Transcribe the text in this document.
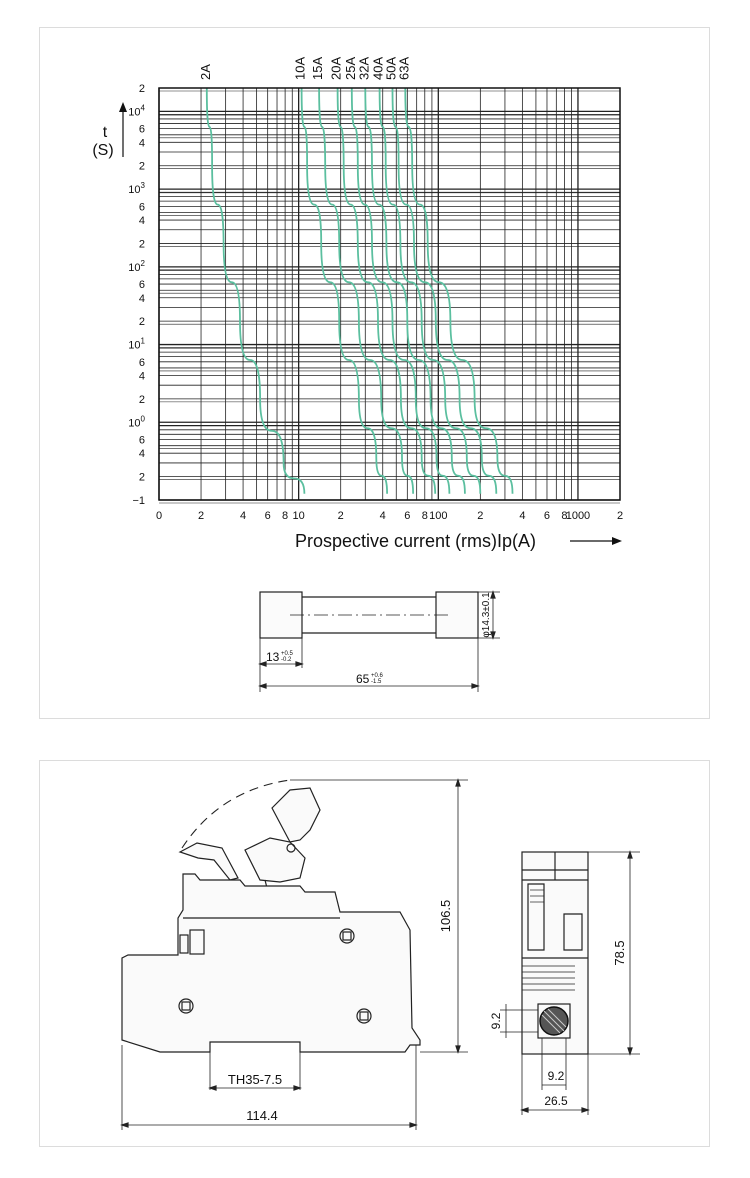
0	2	4 6 8 10	2	4 6 8 100	2	4 6 8
1000 2
2
$10^4$
6
4
2
$10^3$
6
4
2
$10^2$
6
4
2
$10^1$
6
4
2
$10^0$
6
4
2
−1
2A	10A 15A 20A 25A
32A 40A
50A
63A
t
(S)
Prospective current (rms)Ip(A)
φ14.3±0.1
13 +0.5
-0.2
65 +0.6
-1.5
TH35-7.5
114.4
106.5
78.5
9.2
9.2
26.5
